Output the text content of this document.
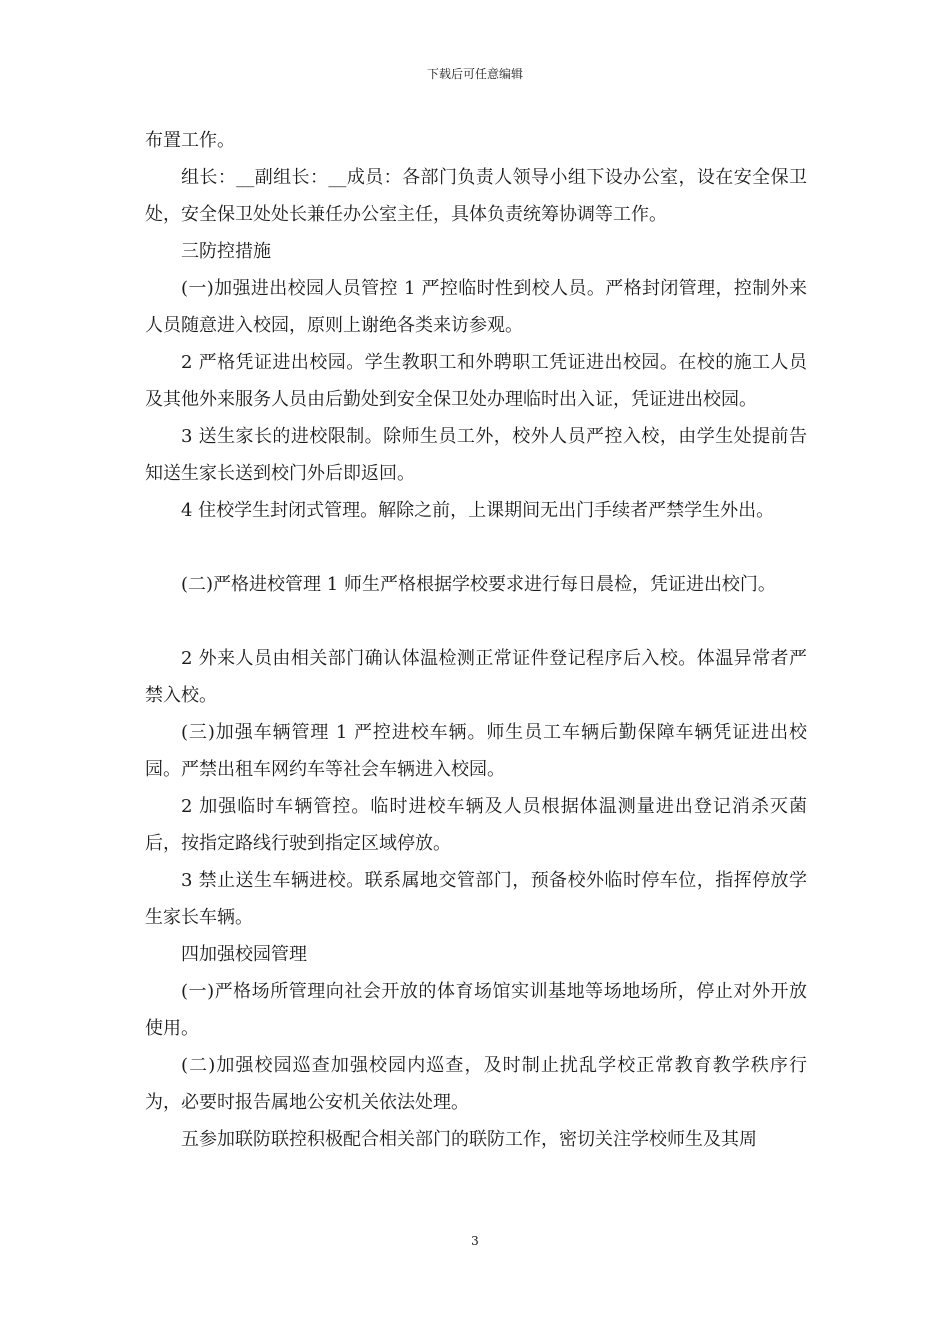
下载后可任意编辑

布置工作。

组长：__副组长：__成员：各部门负责人领导小组下设办公室，设在安全保卫处，安全保卫处处长兼任办公室主任，具体负责统筹协调等工作。

三防控措施

(一)加强进出校园人员管控 1 严控临时性到校人员。严格封闭管理，控制外来人员随意进入校园，原则上谢绝各类来访参观。

2 严格凭证进出校园。学生教职工和外聘职工凭证进出校园。在校的施工人员及其他外来服务人员由后勤处到安全保卫处办理临时出入证，凭证进出校园。

3 送生家长的进校限制。除师生员工外，校外人员严控入校，由学生处提前告知送生家长送到校门外后即返回。

4 住校学生封闭式管理。解除之前，上课期间无出门手续者严禁学生外出。

(二)严格进校管理 1 师生严格根据学校要求进行每日晨检，凭证进出校门。

2 外来人员由相关部门确认体温检测正常证件登记程序后入校。体温异常者严禁入校。

(三)加强车辆管理 1 严控进校车辆。师生员工车辆后勤保障车辆凭证进出校园。严禁出租车网约车等社会车辆进入校园。

2 加强临时车辆管控。临时进校车辆及人员根据体温测量进出登记消杀灭菌后，按指定路线行驶到指定区域停放。

3 禁止送生车辆进校。联系属地交管部门，预备校外临时停车位，指挥停放学生家长车辆。

四加强校园管理

(一)严格场所管理向社会开放的体育场馆实训基地等场地场所，停止对外开放使用。

(二)加强校园巡查加强校园内巡查，及时制止扰乱学校正常教育教学秩序行为，必要时报告属地公安机关依法处理。

五参加联防联控积极配合相关部门的联防工作，密切关注学校师生及其周

3
